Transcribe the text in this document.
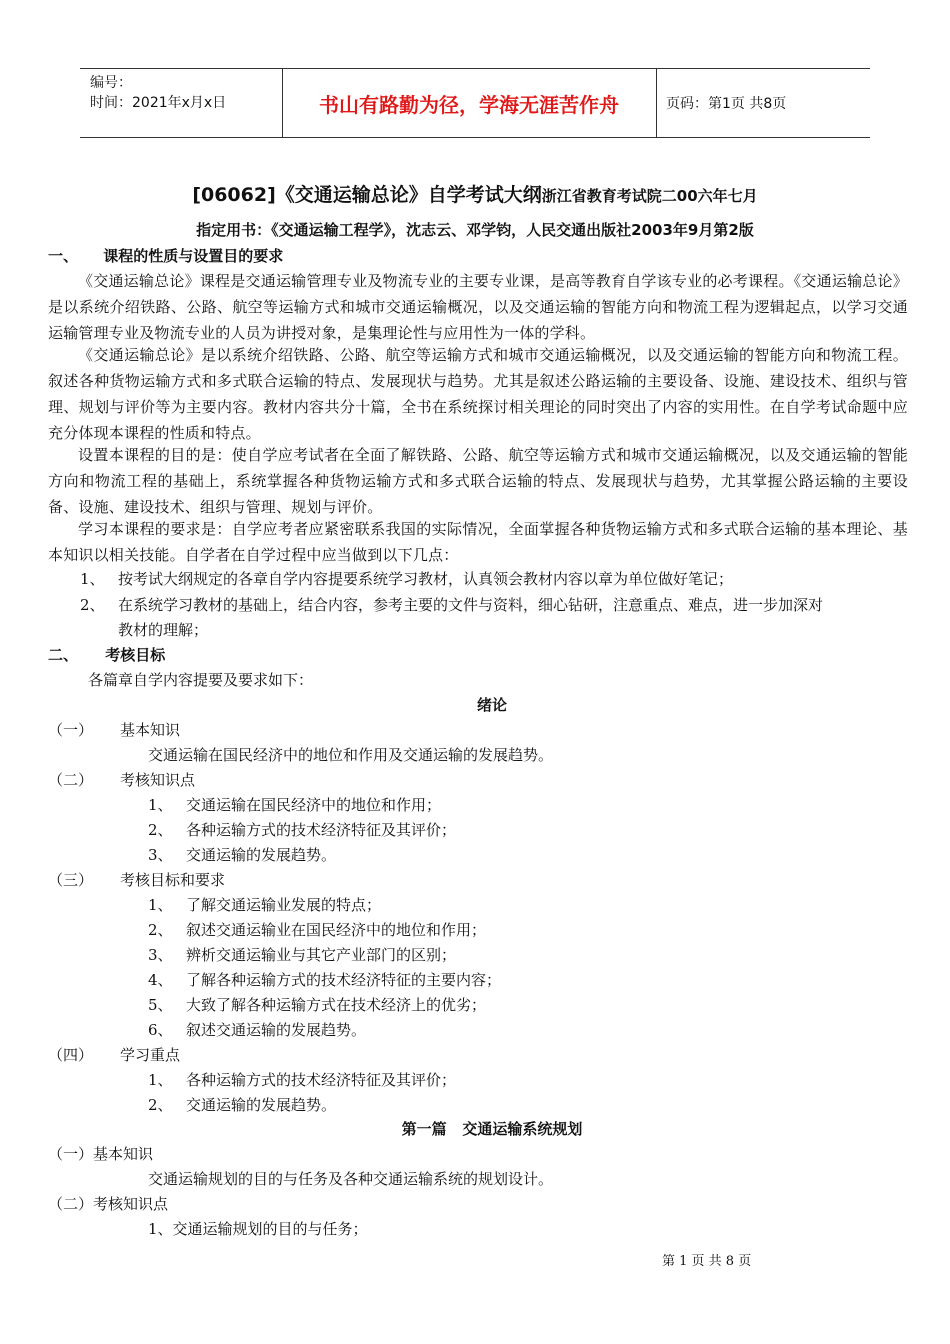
编号：
时间：2021年x月x日	书山有路勤为径，学海无涯苦作舟	页码：第1页 共8页
[06062]《交通运输总论》自学考试大纲浙江省教育考试院二00六年七月
指定用书：《交通运输工程学》，沈志云、邓学钧，人民交通出版社2003年9月第2版
一、 课程的性质与设置目的要求
《交通运输总论》课程是交通运输管理专业及物流专业的主要专业课，是高等教育自学该专业的必考课程。《交通运输总论》是以系统介绍铁路、公路、航空等运输方式和城市交通运输概况，以及交通运输的智能方向和物流工程为逻辑起点，以学习交通运输管理专业及物流专业的人员为讲授对象，是集理论性与应用性为一体的学科。
《交通运输总论》是以系统介绍铁路、公路、航空等运输方式和城市交通运输概况，以及交通运输的智能方向和物流工程。叙述各种货物运输方式和多式联合运输的特点、发展现状与趋势。尤其是叙述公路运输的主要设备、设施、建设技术、组织与管理、规划与评价等为主要内容。教材内容共分十篇，全书在系统探讨相关理论的同时突出了内容的实用性。在自学考试命题中应充分体现本课程的性质和特点。
设置本课程的目的是：使自学应考试者在全面了解铁路、公路、航空等运输方式和城市交通运输概况，以及交通运输的智能方向和物流工程的基础上，系统掌握各种货物运输方式和多式联合运输的特点、发展现状与趋势，尤其掌握公路运输的主要设备、设施、建设技术、组织与管理、规划与评价。
学习本课程的要求是：自学应考者应紧密联系我国的实际情况，全面掌握各种货物运输方式和多式联合运输的基本理论、基本知识以相关技能。自学者在自学过程中应当做到以下几点：
1、 按考试大纲规定的各章自学内容提要系统学习教材，认真领会教材内容以章为单位做好笔记；
2、 在系统学习教材的基础上，结合内容，参考主要的文件与资料，细心钻研，注意重点、难点，进一步加深对
教材的理解；
二、 考核目标
各篇章自学内容提要及要求如下：
绪论
（一） 基本知识
交通运输在国民经济中的地位和作用及交通运输的发展趋势。
（二） 考核知识点
1、 交通运输在国民经济中的地位和作用；
2、 各种运输方式的技术经济特征及其评价；
3、 交通运输的发展趋势。
（三） 考核目标和要求
1、 了解交通运输业发展的特点；
2、 叙述交通运输业在国民经济中的地位和作用；
3、 辨析交通运输业与其它产业部门的区别；
4、 了解各种运输方式的技术经济特征的主要内容；
5、 大致了解各种运输方式在技术经济上的优劣；
6、 叙述交通运输的发展趋势。
（四） 学习重点
1、 各种运输方式的技术经济特征及其评价；
2、 交通运输的发展趋势。
第一篇   交通运输系统规划
（一）基本知识
交通运输规划的目的与任务及各种交通运输系统的规划设计。
（二）考核知识点
1、交通运输规划的目的与任务；
第 1 页 共 8 页
